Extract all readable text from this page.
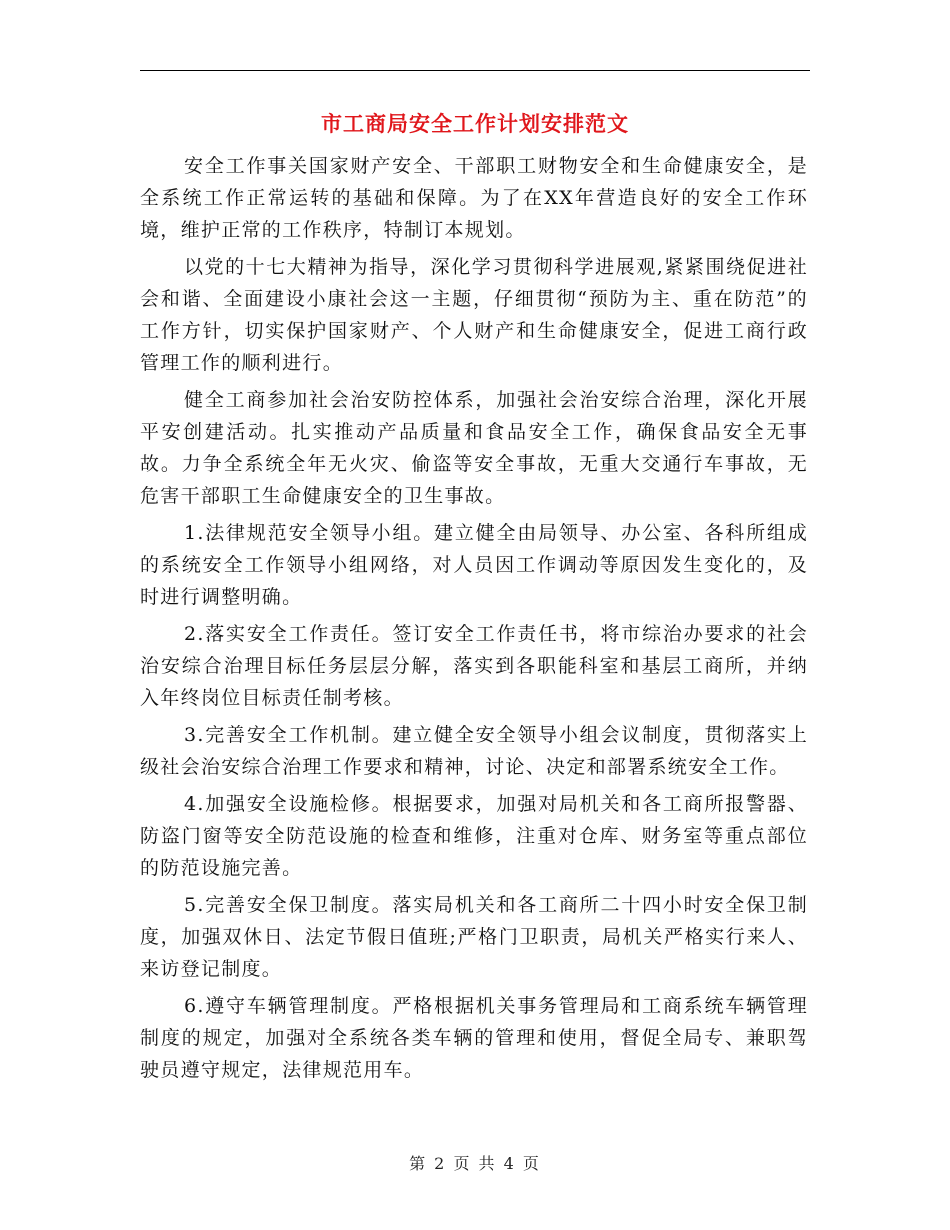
市工商局安全工作计划安排范文

安全工作事关国家财产安全、干部职工财物安全和生命健康安全，是全系统工作正常运转的基础和保障。为了在XX年营造良好的安全工作环境，维护正常的工作秩序，特制订本规划。

以党的十七大精神为指导，深化学习贯彻科学进展观,紧紧围绕促进社会和谐、全面建设小康社会这一主题，仔细贯彻“预防为主、重在防范”的工作方针，切实保护国家财产、个人财产和生命健康安全，促进工商行政管理工作的顺利进行。

健全工商参加社会治安防控体系，加强社会治安综合治理，深化开展平安创建活动。扎实推动产品质量和食品安全工作，确保食品安全无事故。力争全系统全年无火灾、偷盗等安全事故，无重大交通行车事故，无危害干部职工生命健康安全的卫生事故。

1.法律规范安全领导小组。建立健全由局领导、办公室、各科所组成的系统安全工作领导小组网络，对人员因工作调动等原因发生变化的，及时进行调整明确。

2.落实安全工作责任。签订安全工作责任书，将市综治办要求的社会治安综合治理目标任务层层分解，落实到各职能科室和基层工商所，并纳入年终岗位目标责任制考核。

3.完善安全工作机制。建立健全安全领导小组会议制度，贯彻落实上级社会治安综合治理工作要求和精神，讨论、决定和部署系统安全工作。

4.加强安全设施检修。根据要求，加强对局机关和各工商所报警器、防盗门窗等安全防范设施的检查和维修，注重对仓库、财务室等重点部位的防范设施完善。

5.完善安全保卫制度。落实局机关和各工商所二十四小时安全保卫制度，加强双休日、法定节假日值班;严格门卫职责，局机关严格实行来人、来访登记制度。

6.遵守车辆管理制度。严格根据机关事务管理局和工商系统车辆管理制度的规定，加强对全系统各类车辆的管理和使用，督促全局专、兼职驾驶员遵守规定，法律规范用车。

第 2 页 共 4 页
